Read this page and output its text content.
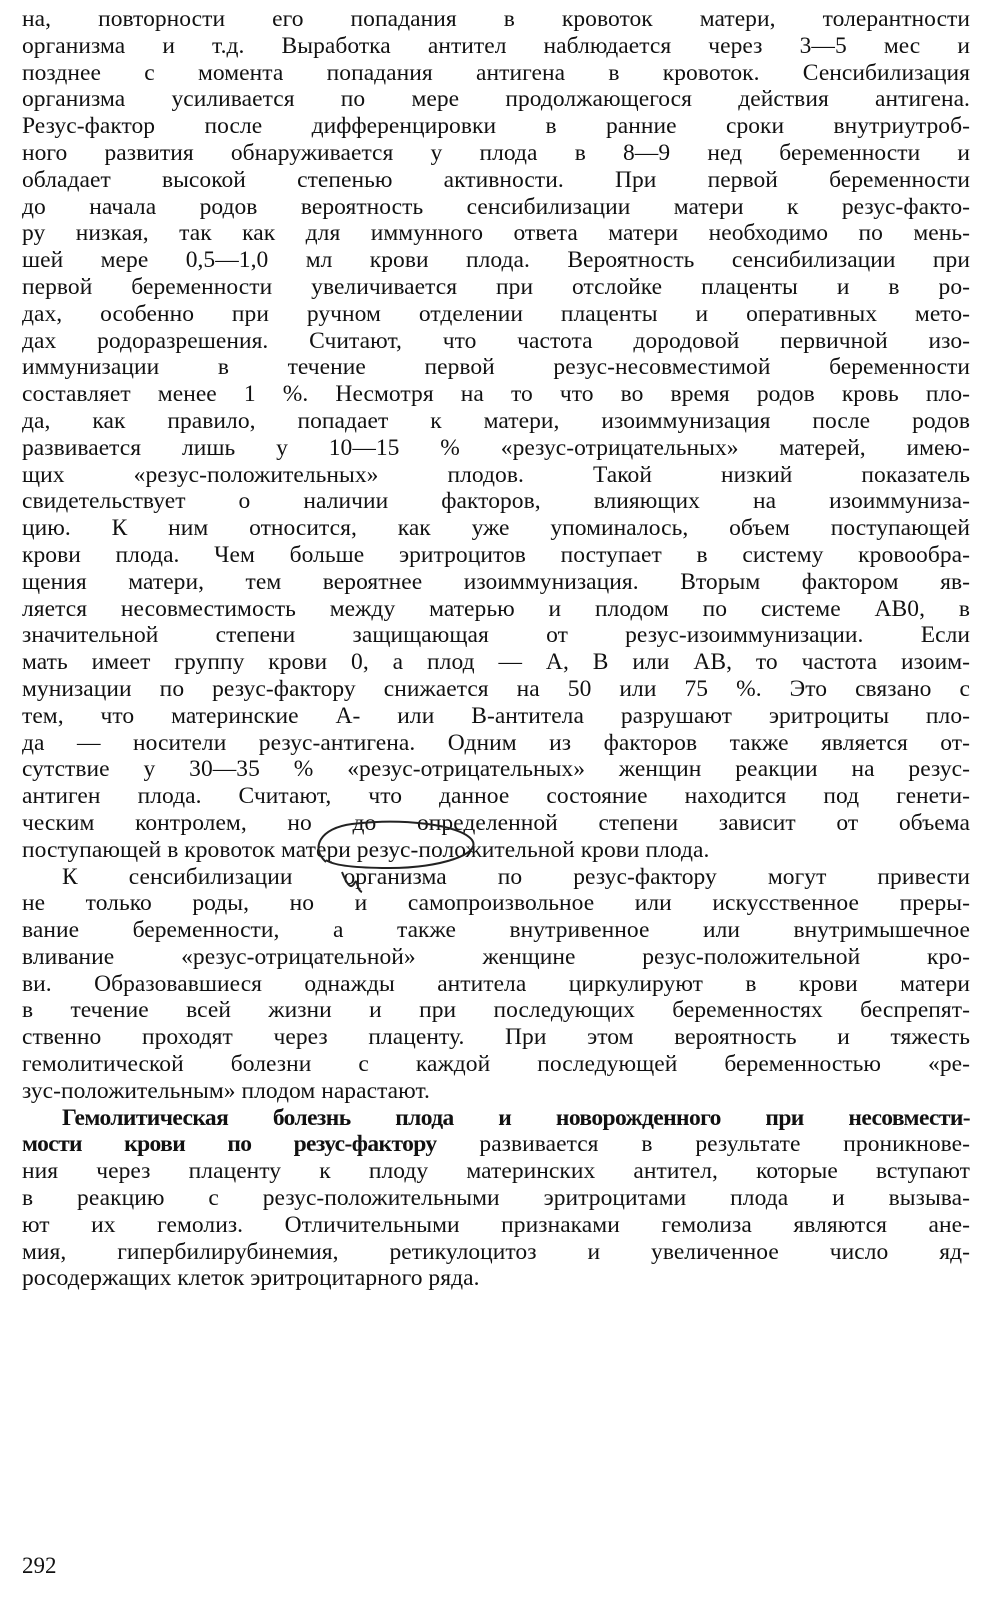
на, повторности его попадания в кровоток матери, толерантности
организма и т.д. Выработка антител наблюдается через 3—5 мес и
позднее с момента попадания антигена в кровоток. Сенсибилизация
организма усиливается по мере продолжающегося действия антигена.
Резус-фактор после дифференцировки в ранние сроки внутриутроб-
ного развития обнаруживается у плода в 8—9 нед беременности и
обладает высокой степенью активности. При первой беременности
до начала родов вероятность сенсибилизации матери к резус-факто-
ру низкая, так как для иммунного ответа матери необходимо по мень-
шей мере 0,5—1,0 мл крови плода. Вероятность сенсибилизации при
первой беременности увеличивается при отслойке плаценты и в ро-
дах, особенно при ручном отделении плаценты и оперативных мето-
дах родоразрешения. Считают, что частота дородовой первичной изо-
иммунизации в течение первой резус-несовместимой беременности
составляет менее 1 %. Несмотря на то что во время родов кровь пло-
да, как правило, попадает к матери, изоиммунизация после родов
развивается лишь у 10—15 % «резус-отрицательных» матерей, имею-
щих «резус-положительных» плодов. Такой низкий показатель
свидетельствует о наличии факторов, влияющих на изоиммуниза-
цию. К ним относится, как уже упоминалось, объем поступающей
крови плода. Чем больше эритроцитов поступает в систему кровообра-
щения матери, тем вероятнее изоиммунизация. Вторым фактором яв-
ляется несовместимость между матерью и плодом по системе АВ0, в
значительной степени защищающая от резус-изоиммунизации. Если
мать имеет группу крови 0, а плод — А, В или АВ, то частота изоим-
мунизации по резус-фактору снижается на 50 или 75 %. Это связано с
тем, что материнские А- или В-антитела разрушают эритроциты пло-
да — носители резус-антигена. Одним из факторов также является от-
сутствие у 30—35 % «резус-отрицательных» женщин реакции на резус-
антиген плода. Считают, что данное состояние находится под генети-
ческим контролем, но до определенной степени зависит от объема
поступающей в кровоток матери резус-положительной крови плода.
К сенсибилизации организма по резус-фактору могут привести
не только роды, но и самопроизвольное или искусственное преры-
вание беременности, а также внутривенное или внутримышечное
вливание «резус-отрицательной» женщине резус-положительной кро-
ви. Образовавшиеся однажды антитела циркулируют в крови матери
в течение всей жизни и при последующих беременностях беспрепят-
ственно проходят через плаценту. При этом вероятность и тяжесть
гемолитической болезни с каждой последующей беременностью «ре-
зус-положительным» плодом нарастают.
Гемолитическая болезнь плода и новорожденного при несовмести-
мости крови по резус-фактору развивается в результате проникнове-
ния через плаценту к плоду материнских антител, которые вступают
в реакцию с резус-положительными эритроцитами плода и вызыва-
ют их гемолиз. Отличительными признаками гемолиза являются ане-
мия, гипербилирубинемия, ретикулоцитоз и увеличенное число яд-
росодержащих клеток эритроцитарного ряда.
292
